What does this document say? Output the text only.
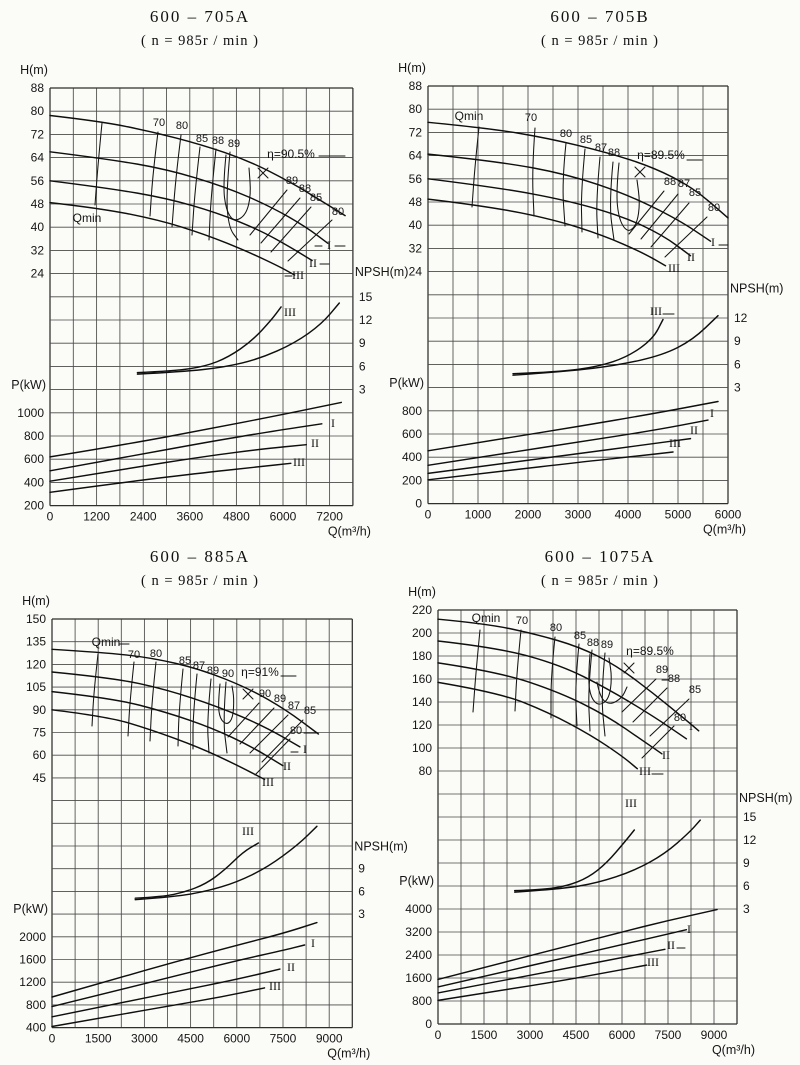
600 – 705A
( n = 985r / min )
88
80
72
64
56
48
40
32
24
15
12
9
6
3
1000
800
600
400
200
0 1200 2400 3600 4800 6000 7200
H(m)
NPSH(m)
P(kW)
Q(m³/h)
70 80
85 88 89
η=90.5%
89
88
85
80
Qmin
I
II
III
III
I
II
III
600 – 705B
( n = 985r / min )
88
80
72
64
56
48
40
32
24
12
9
6
3
800
600
400
200
0
0	1000 2000 3000 4000 5000 6000
H(m)
NPSH(m)
P(kW)
Q(m³/h)
70
80 85
87 88 η=89.5%
88 87
85
80
Qmin
I
II
III
III
I
II
III
600 – 885A
( n = 985r / min )
150
135
120
105
90
75
60
45
9
6
3
2000
1600
1200
800
400
0 1500 3000 4500 6000 7500 9000
H(m)
NPSH(m)
P(kW)
Q(m³/h)
70 80
85 87 89 90 η=91%
90 89
87 85
80
Qmin
I
II
III
III
I
II
III
600 – 1075A
( n = 985r / min )
220
200
180
160
140
120
100
80
15
12
9
6
3
4000
3200
2400
1600
800
0
0 1500 3000 4500 6000 7500 9000
H(m)
NPSH(m)
P(kW)
Q(m³/h)
70
80
85
88 89 η=89.5%
89
88
85
80
Qmin
I
II
III
III
I
II
III
